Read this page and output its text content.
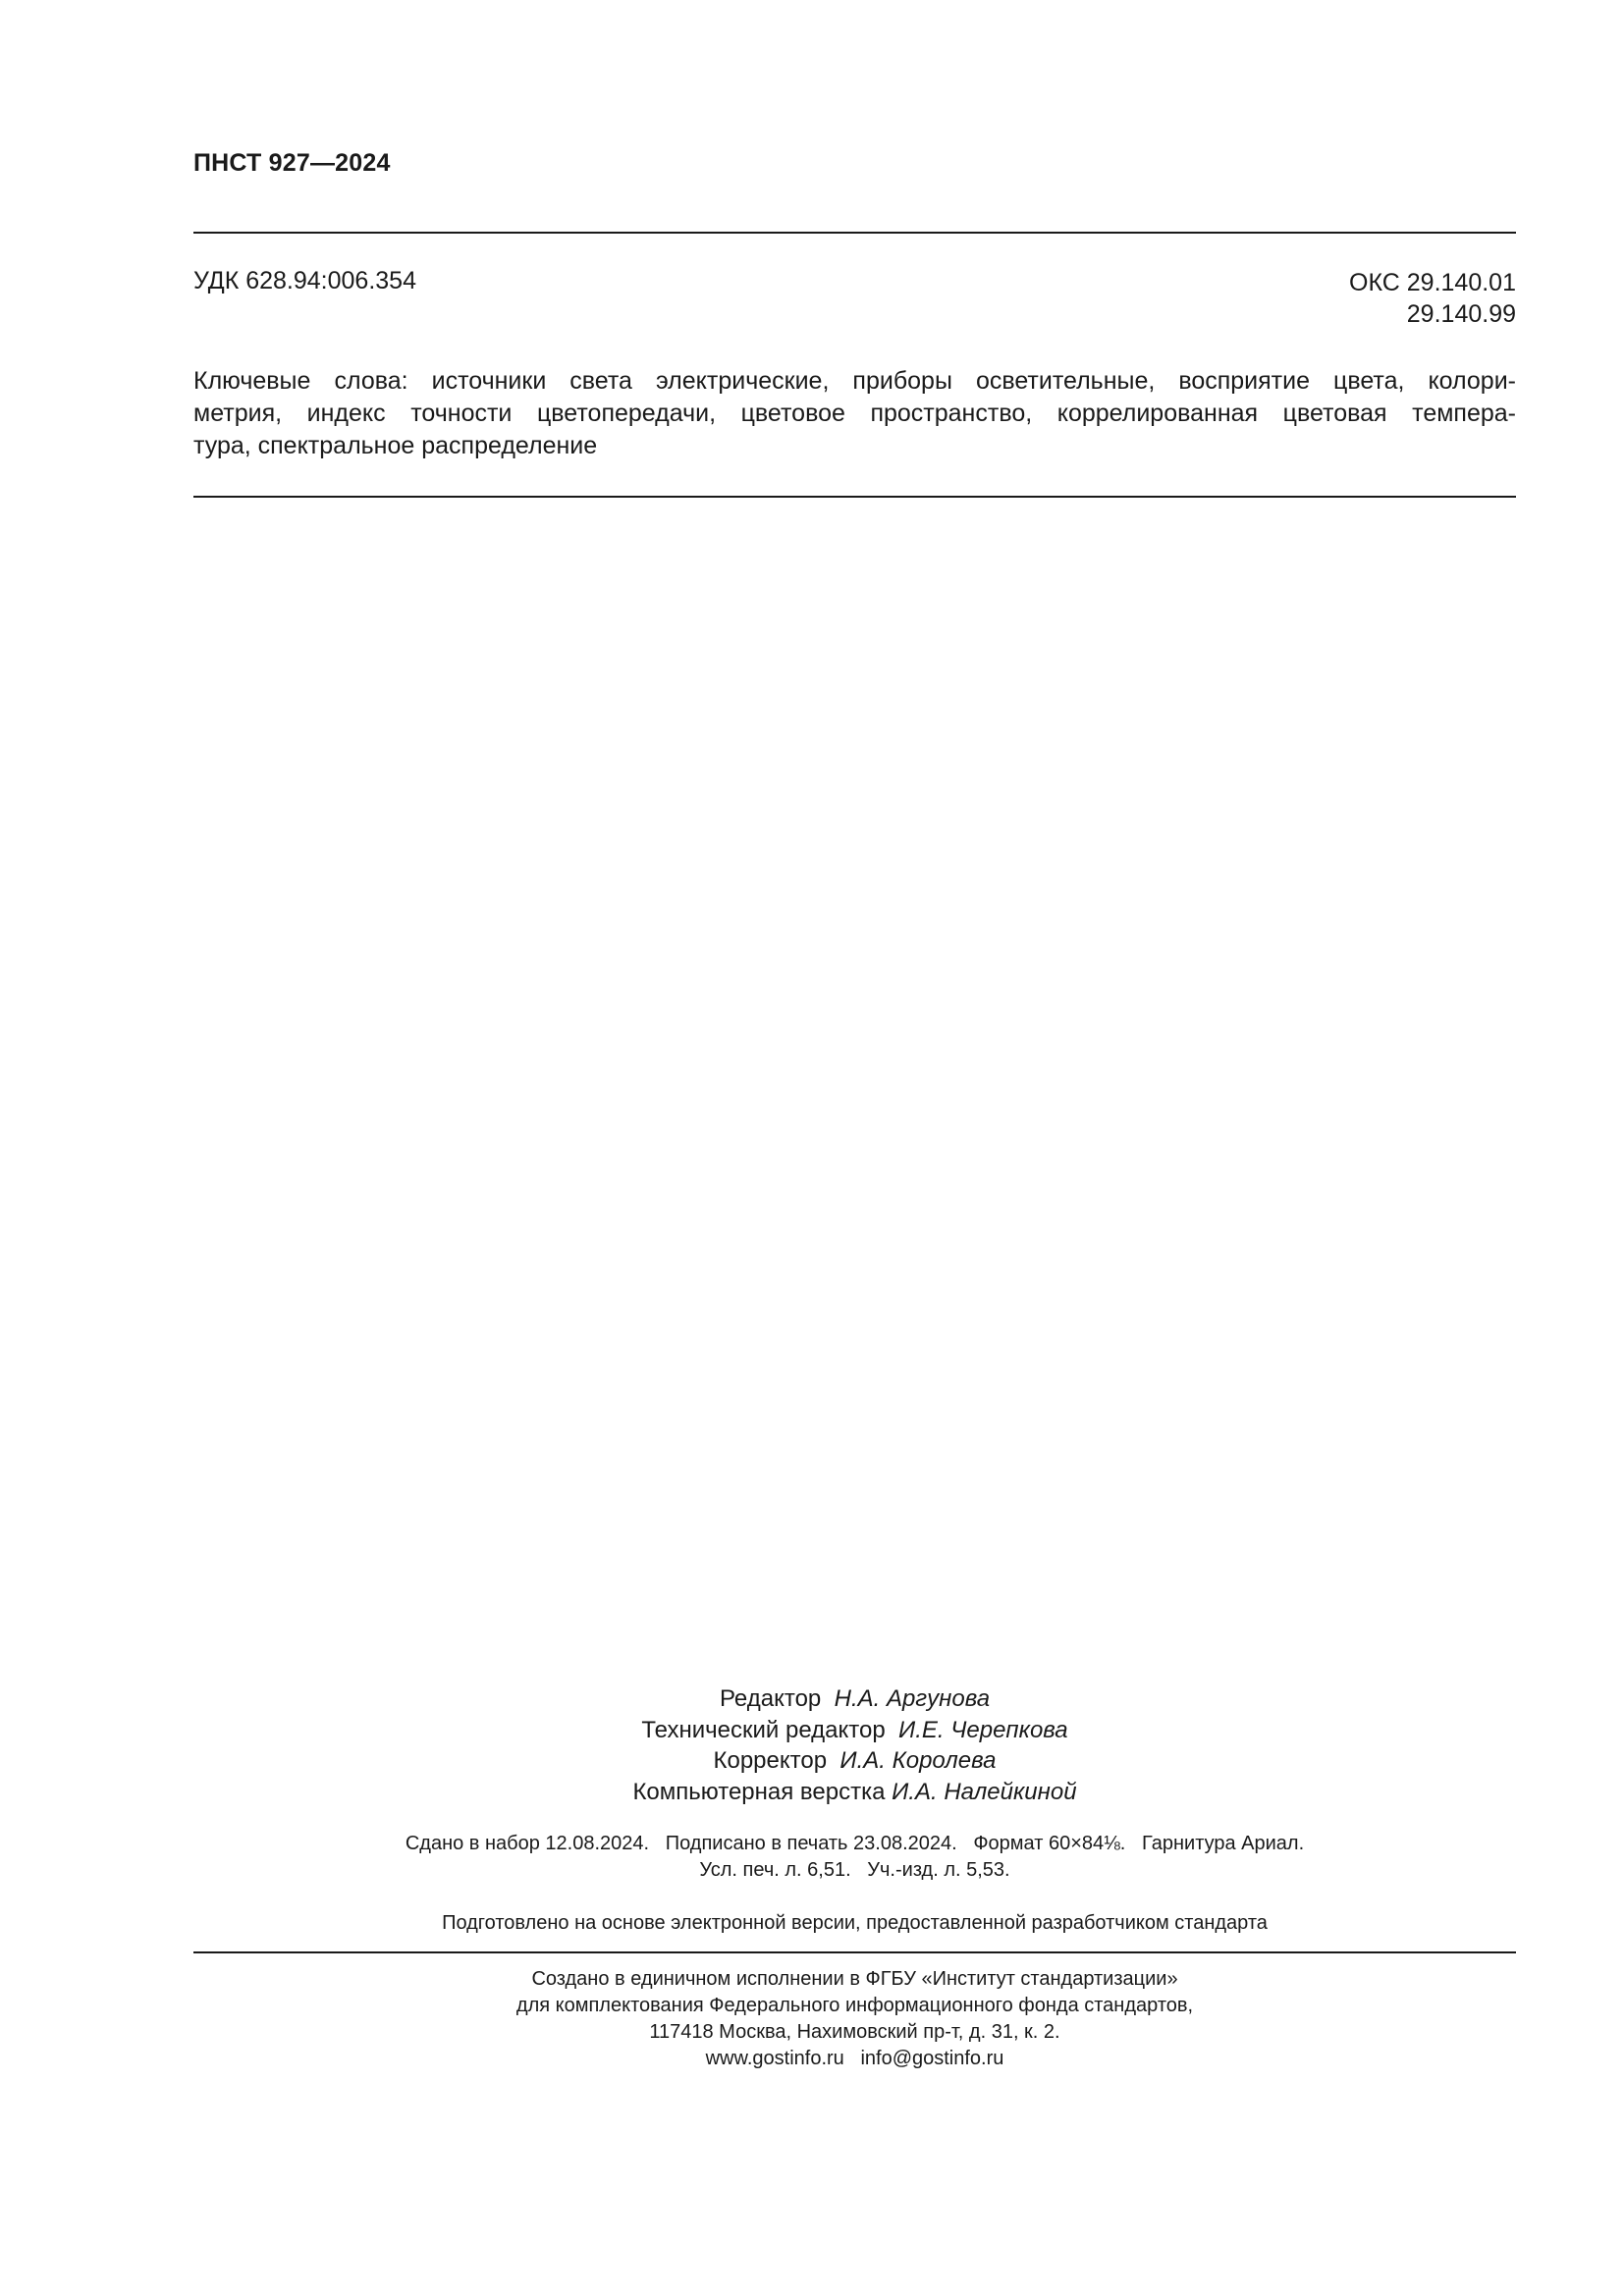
ПНСТ 927—2024
УДК 628.94:006.354	ОКС 29.140.01
29.140.99
Ключевые слова: источники света электрические, приборы осветительные, восприятие цвета, колори-
метрия, индекс точности цветопередачи, цветовое пространство, коррелированная цветовая темпера-
тура, спектральное распределение
Редактор Н.А. Аргунова
Технический редактор И.Е. Черепкова
Корректор И.А. Королева
Компьютерная верстка И.А. Налейкиной
Сдано в набор 12.08.2024.   Подписано в печать 23.08.2024.   Формат 60×84⅛.   Гарнитура Ариал.
Усл. печ. л. 6,51.   Уч.-изд. л. 5,53.
Подготовлено на основе электронной версии, предоставленной разработчиком стандарта
Создано в единичном исполнении в ФГБУ «Институт стандартизации»
для комплектования Федерального информационного фонда стандартов,
117418 Москва, Нахимовский пр-т, д. 31, к. 2.
www.gostinfo.ru info@gostinfo.ru
